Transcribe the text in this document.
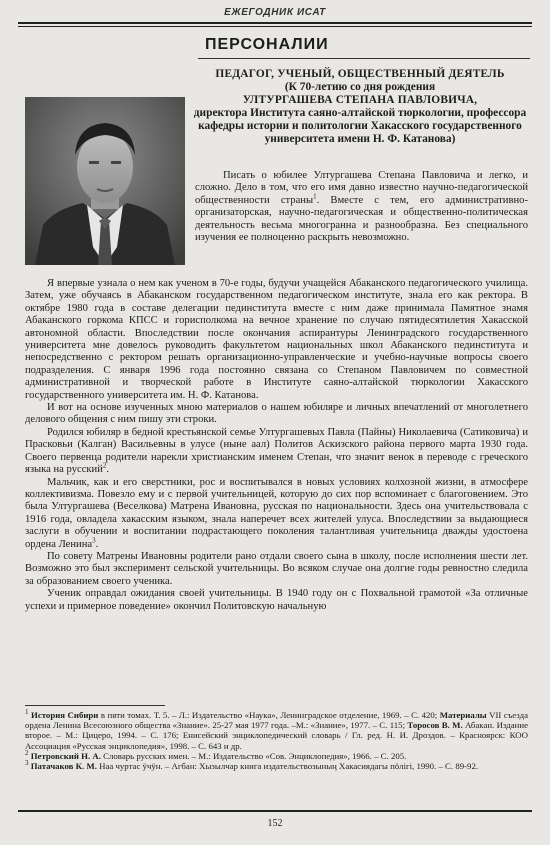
ЕЖЕГОДНИК ИСАТ
ПЕРСОНАЛИИ
ПЕДАГОГ, УЧЕНЫЙ, ОБЩЕСТВЕННЫЙ ДЕЯТЕЛЬ
(К 70-летию со дня рождения
УЛТУРГАШЕВА СТЕПАНА ПАВЛОВИЧА,
директора Института саяно-алтайской тюркологии, профессора кафедры истории и политологии Хакасского государственного университета имени Н. Ф. Катанова)

Писать о юбилее Ултургашева Степана Павловича и легко, и сложно. Дело в том, что его имя давно известно научно-педагогической общественности страны$^1$. Вместе с тем, его административно-организаторская, научно-педагогическая и общественно-политическая деятельность весьма многогранна и разнообразна. Без специального изучения ее полноценно раскрыть невозможно.

Я впервые узнала о нем как ученом в 70-е годы, будучи учащейся Абаканского педагогического училища. Затем, уже обучаясь в Абаканском государственном педагогическом институте, знала его как ректора. В октябре 1980 года в составе делегации пединститута вместе с ним даже принимала Памятное знамя Абаканского горкома КПСС и горисполкома на вечное хранение по случаю пятидесятилетия Хакасской автономной области. Впоследствии после окончания аспирантуры Ленинградского государственного университета мне довелось руководить факультетом национальных школ Абаканского пединститута и непосредственно с ректором решать организационно-управленческие и учебно-научные вопросы своего подразделения. С января 1996 года постоянно связана со Степаном Павловичем по совместной административной и творческой работе в Институте саяно-алтайской тюркологии Хакасского государственного университета им. Н. Ф. Катанова.

И вот на основе изученных мною материалов о нашем юбиляре и личных впечатлений от многолетнего делового общения с ним пишу эти строки.

Родился юбиляр в бедной крестьянской семье Ултургашевых Павла (Пайны) Николаевича (Сатиковича) и Прасковьи (Калган) Васильевны в улусе (ныне аал) Политов Аскизского района первого марта 1930 года. Своего первенца родители нарекли христианским именем Степан, что значит венок в переводе с греческого языка на русский$^2$.

Мальчик, как и его сверстники, рос и воспитывался в новых условиях колхозной жизни, в атмосфере коллективизма. Повезло ему и с первой учительницей, которую до сих пор вспоминает с благоговением. Это была Ултургашева (Веселкова) Матрена Ивановна, русская по национальности. Здесь она учительствовала с 1916 года, овладела хакасским языком, знала наперечет всех жителей улуса. Впоследствии за выдающиеся заслуги в обучении и воспитании подрастающего поколения талантливая учительница дважды удостоена ордена Ленина$^3$.

По совету Матрены Ивановны родители рано отдали своего сына в школу, после исполнения шести лет. Возможно это был эксперимент сельской учительницы. Во всяком случае она долгие годы ревностно следила за образованием своего ученика.

Ученик оправдал ожидания своей учительницы. В 1940 году он с Похвальной грамотой «За отличные успехи и примерное поведение» окончил Политовскую начальную

$^1$ История Сибири в пяти томах. Т. 5. – Л.: Издательство «Наука», Ленинградское отделение, 1969. – С. 420; Материалы VII съезда ордена Ленина Всесоюзного общества «Знание». 25-27 мая 1977 года. –М.: «Знание», 1977. – С. 115; Торосов В. М. Абакан. Издание второе. – М.: Цицеро, 1994. – С. 176; Енисейский энциклопедический словарь / Гл. ред. Н. И. Дроздов. – Красноярск: КОО Ассоциация «Русская энциклопедия», 1998. – С. 643 и др.
$^2$ Петровский Н. А. Словарь русских имен. – М.: Издательство «Сов. Энциклопедия», 1966. – С. 205.
$^3$ Патачаков К. М. Наа чуртас ӱчӱн. – Агбан: Хызылчар книга издательствозыныӊ Хакасиядагы пöлiгi, 1990. – С. 89-92.
152
